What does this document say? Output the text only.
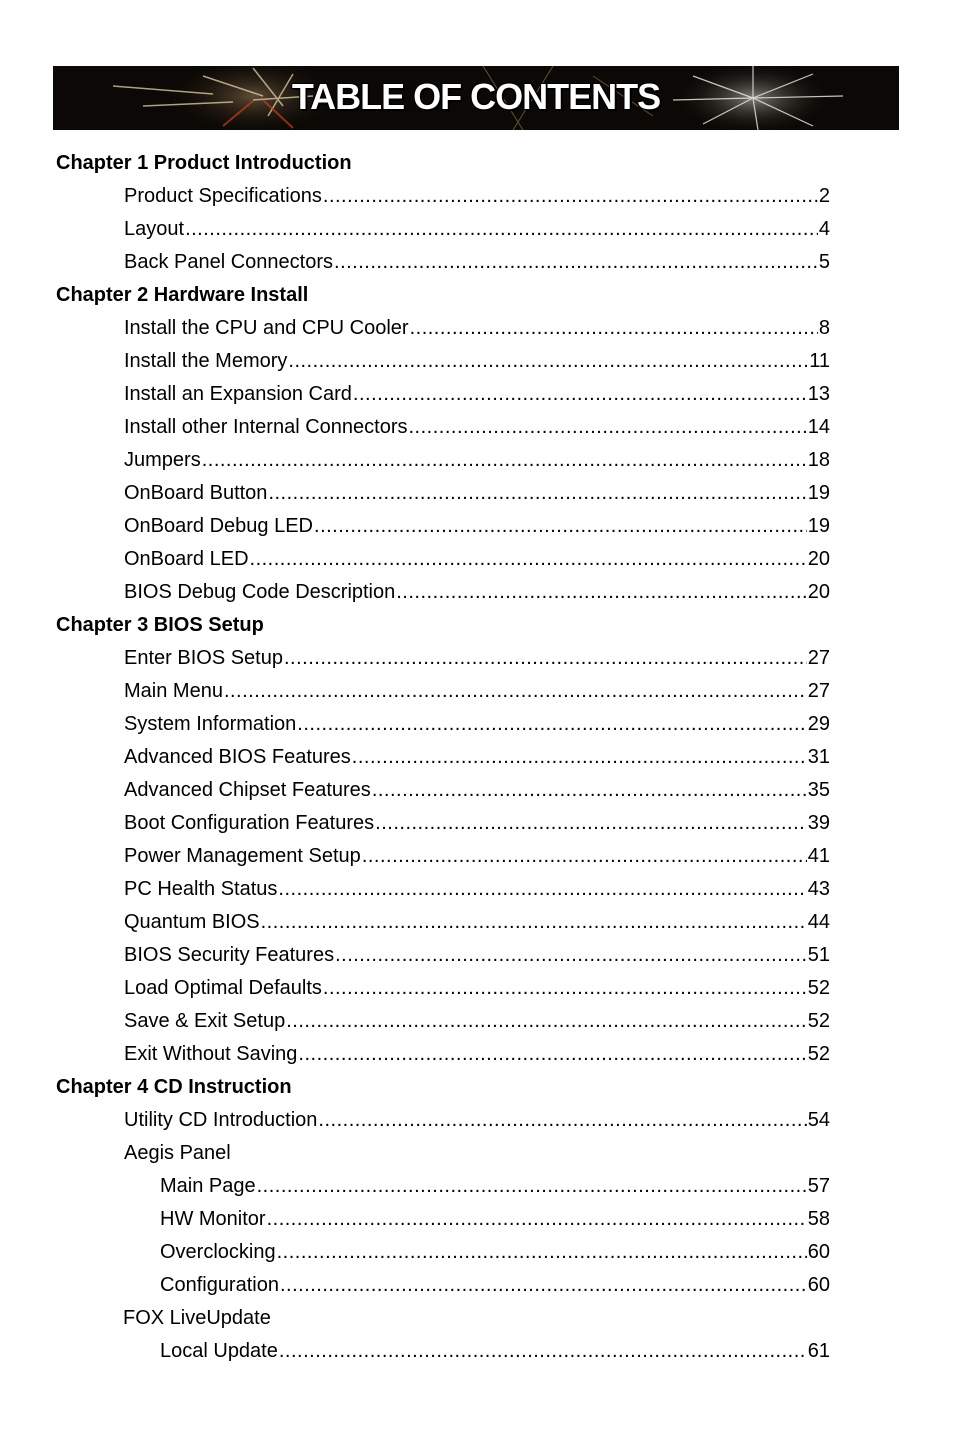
TABLE OF CONTENTS
Chapter 1 Product Introduction
Product Specifications .....	2
Layout .....	4
Back Panel Connectors .....	5
Chapter 2 Hardware Install
Install the CPU and CPU Cooler .....	8
Install the Memory .....	11
Install an Expansion Card .....	13
Install other Internal Connectors .....	14
Jumpers .....	18
OnBoard Button .....	19
OnBoard Debug LED .....	19
OnBoard LED .....	20
BIOS Debug Code Description .....	20
Chapter 3 BIOS Setup
Enter BIOS Setup .....	27
Main Menu .....	27
System Information .....	29
Advanced BIOS Features .....	31
Advanced Chipset Features .....	35
Boot Configuration Features .....	39
Power Management Setup .....	41
PC Health Status .....	43
Quantum BIOS .....	44
BIOS Security Features .....	51
Load Optimal Defaults .....	52
Save & Exit Setup .....	52
Exit Without Saving .....	52
Chapter 4 CD Instruction
Utility CD Introduction .....	54
Aegis Panel
Main Page .....	57
HW Monitor .....	58
Overclocking .....	60
Configuration .....	60
FOX LiveUpdate
Local Update .....	61
